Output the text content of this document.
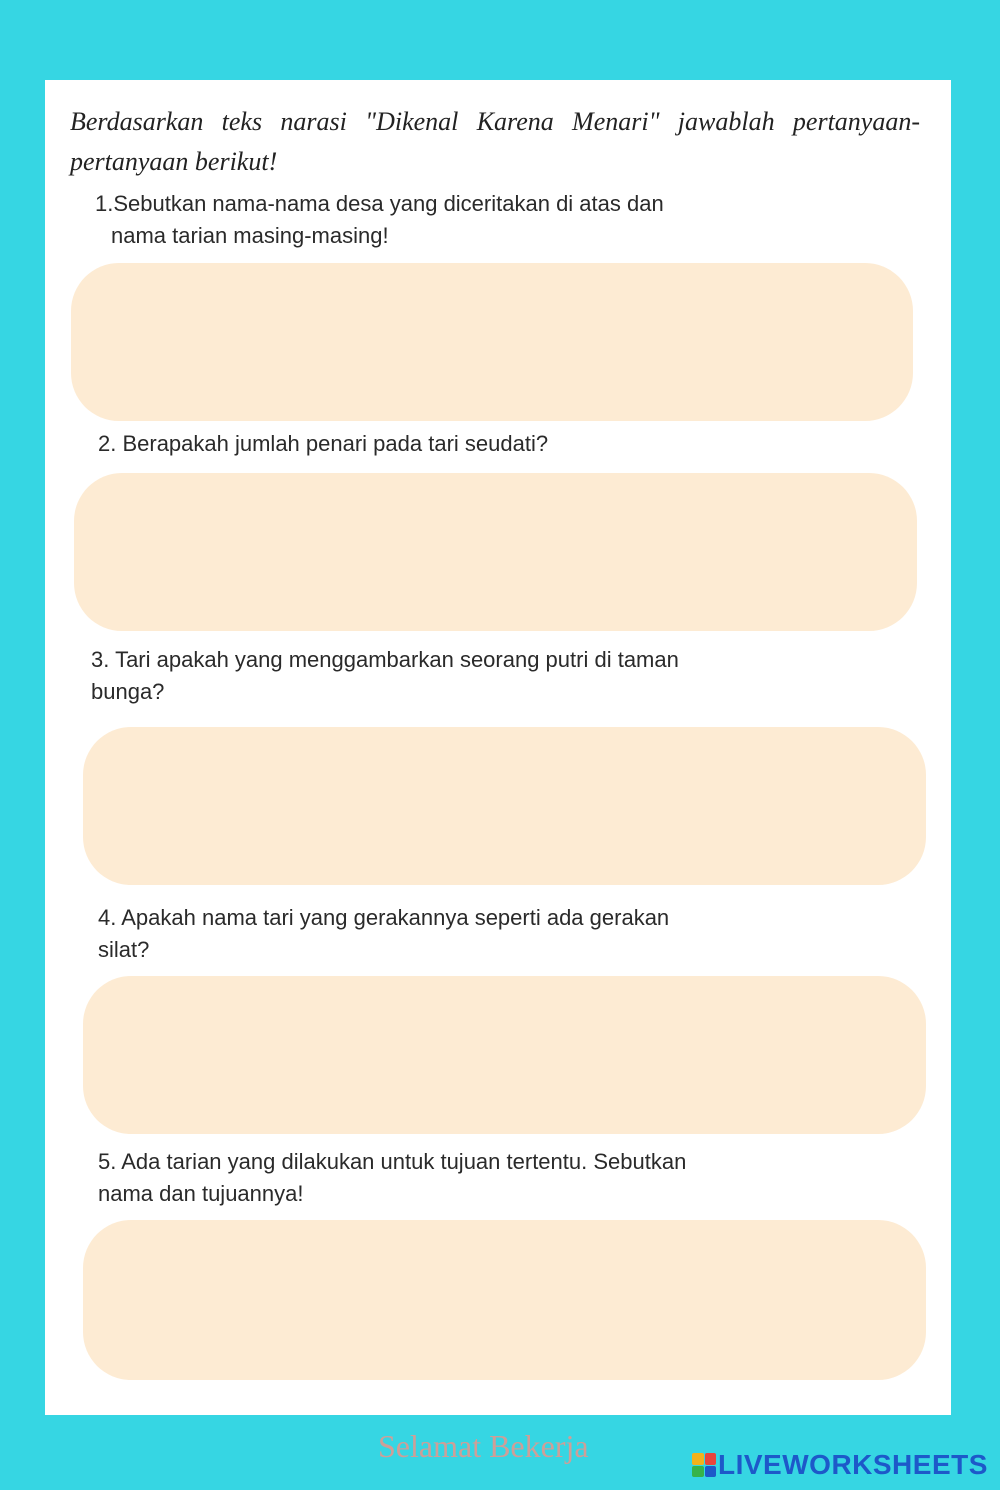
Berdasarkan teks narasi "Dikenal Karena Menari" jawablah pertanyaan-pertanyaan berikut!
1.Sebutkan nama-nama desa yang diceritakan di atas dan
nama tarian masing-masing!
2. Berapakah jumlah penari pada tari seudati?
3. Tari apakah yang menggambarkan seorang putri di taman
bunga?
4. Apakah nama tari yang gerakannya seperti ada gerakan
silat?
5. Ada tarian yang dilakukan untuk tujuan tertentu. Sebutkan
nama dan tujuannya!
Selamat Bekerja
LIVEWORKSHEETS
